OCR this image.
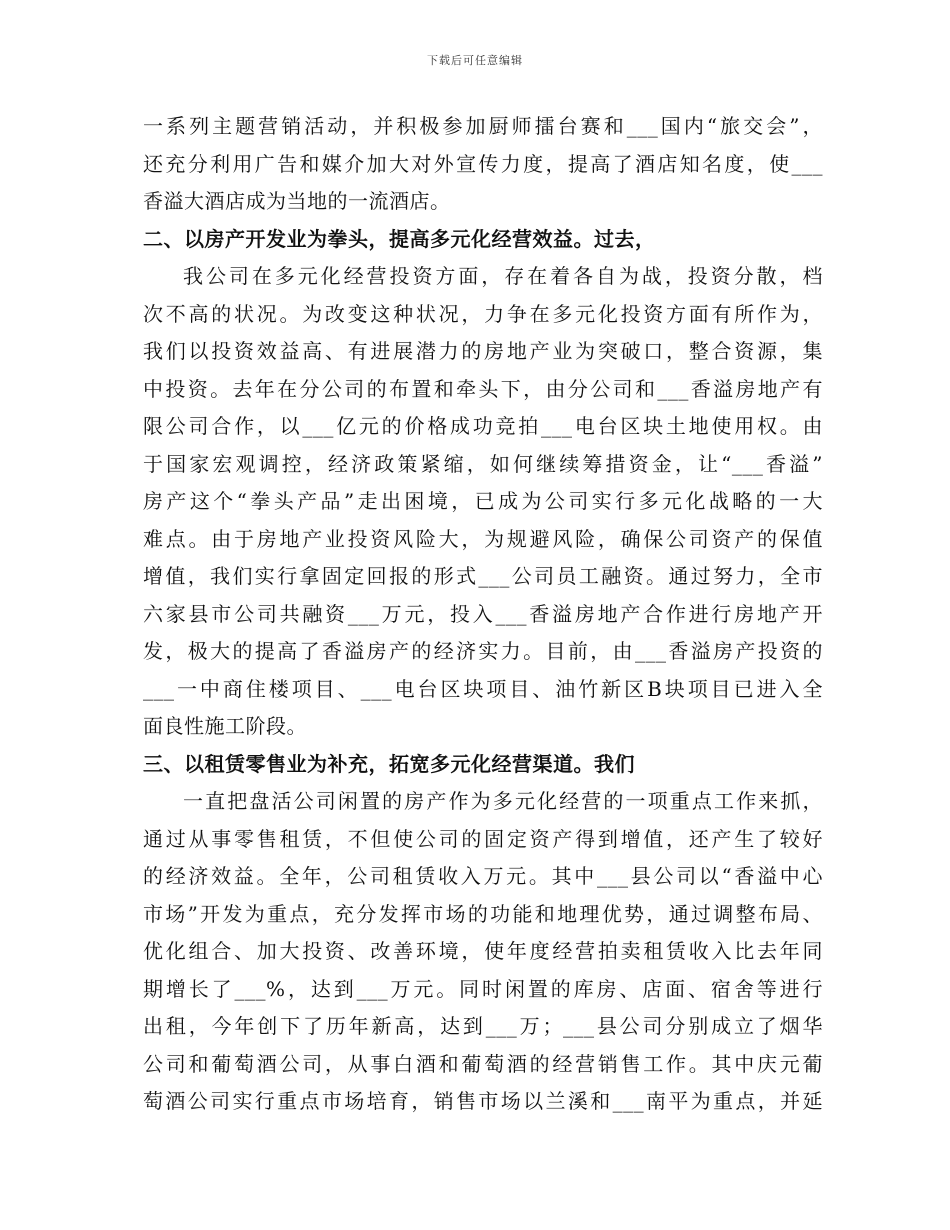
下载后可任意编辑
一系列主题营销活动，并积极参加厨师擂台赛和___国内“旅交会”，
还充分利用广告和媒介加大对外宣传力度，提高了酒店知名度，使___
香溢大酒店成为当地的一流酒店。
二、以房产开发业为拳头，提高多元化经营效益。过去，
我公司在多元化经营投资方面，存在着各自为战，投资分散，档
次不高的状况。为改变这种状况，力争在多元化投资方面有所作为，
我们以投资效益高、有进展潜力的房地产业为突破口，整合资源，集
中投资。去年在分公司的布置和牵头下，由分公司和___香溢房地产有
限公司合作，以___亿元的价格成功竞拍___电台区块土地使用权。由
于国家宏观调控，经济政策紧缩，如何继续筹措资金，让“___香溢”
房产这个“拳头产品”走出困境，已成为公司实行多元化战略的一大
难点。由于房地产业投资风险大，为规避风险，确保公司资产的保值
增值，我们实行拿固定回报的形式___公司员工融资。通过努力，全市
六家县市公司共融资___万元，投入___香溢房地产合作进行房地产开
发，极大的提高了香溢房产的经济实力。目前，由___香溢房产投资的
___一中商住楼项目、___电台区块项目、油竹新区B块项目已进入全
面良性施工阶段。
三、以租赁零售业为补充，拓宽多元化经营渠道。我们
一直把盘活公司闲置的房产作为多元化经营的一项重点工作来抓，
通过从事零售租赁，不但使公司的固定资产得到增值，还产生了较好
的经济效益。全年，公司租赁收入万元。其中___县公司以“香溢中心
市场”开发为重点，充分发挥市场的功能和地理优势，通过调整布局、
优化组合、加大投资、改善环境，使年度经营拍卖租赁收入比去年同
期增长了___%，达到___万元。同时闲置的库房、店面、宿舍等进行
出租，今年创下了历年新高，达到___万；___县公司分别成立了烟华
公司和葡萄酒公司，从事白酒和葡萄酒的经营销售工作。其中庆元葡
萄酒公司实行重点市场培育，销售市场以兰溪和___南平为重点，并延
